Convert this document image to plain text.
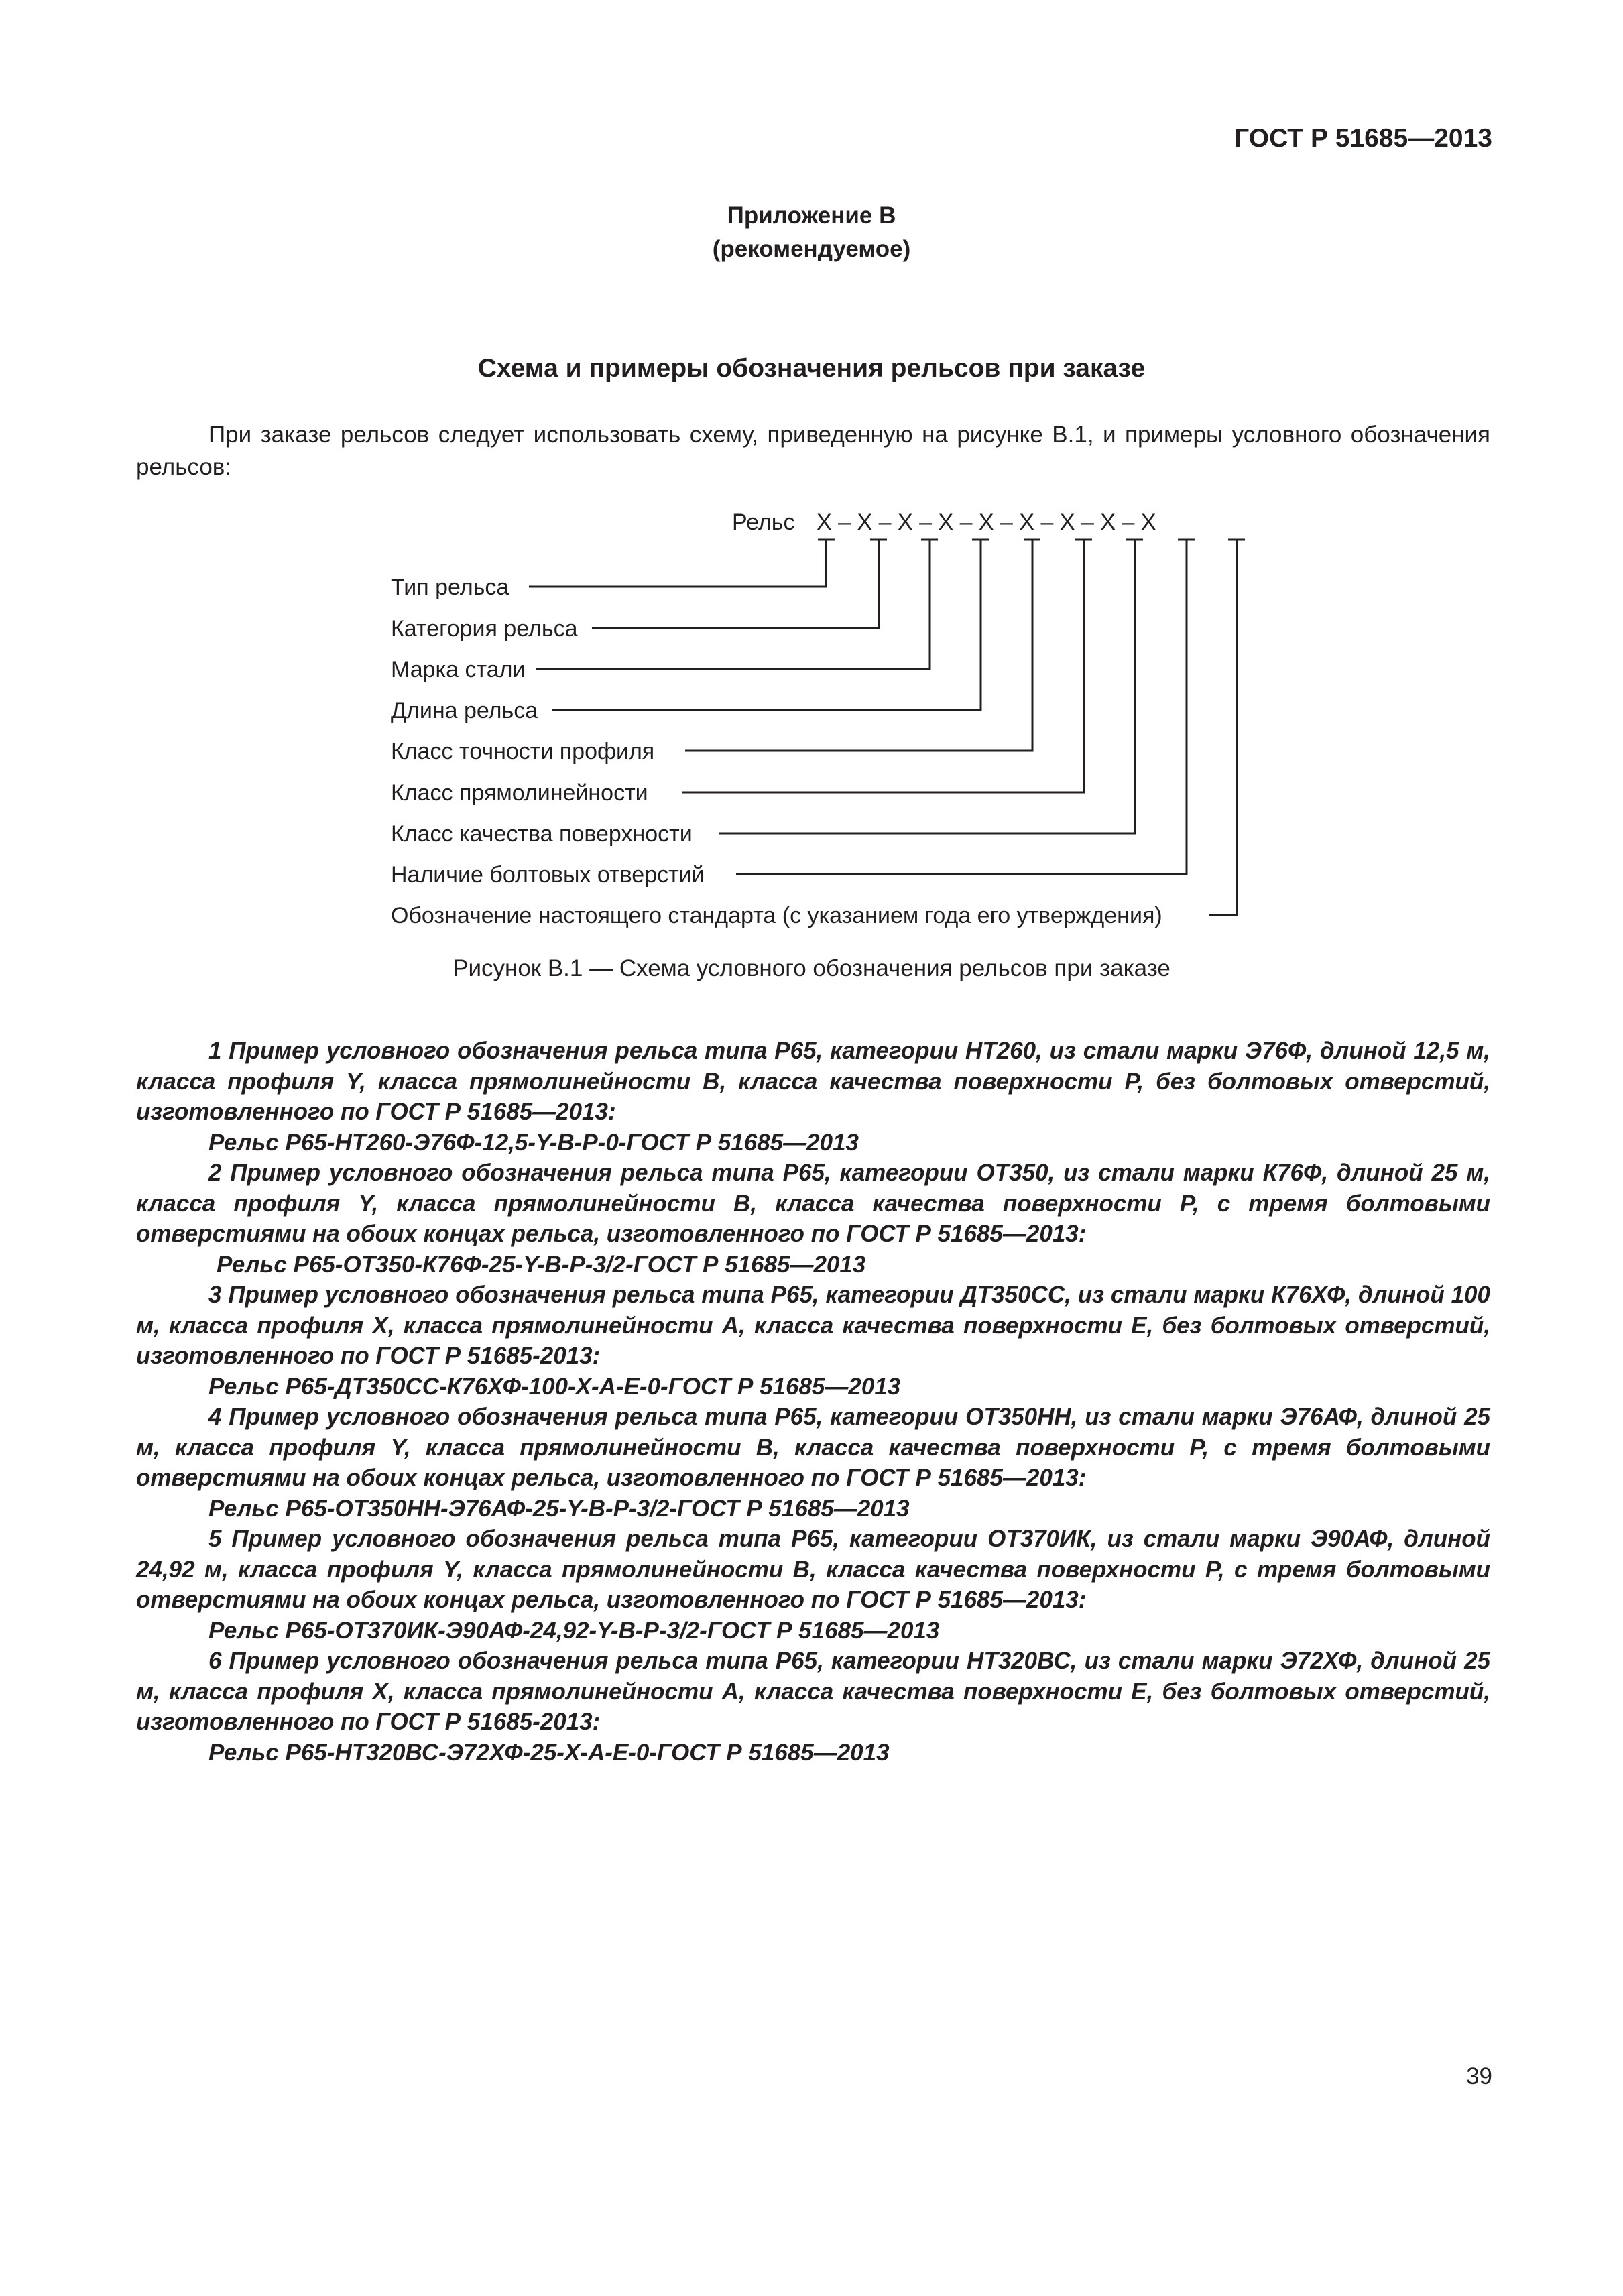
ГОСТ Р 51685—2013
Приложение В
(рекомендуемое)
Схема и примеры обозначения рельсов при заказе
При заказе рельсов следует использовать схему, приведенную на рисунке В.1, и примеры условного обозначения рельсов:
Рельс X – X – X – X – X – X – X – X – X
Тип рельса
Категория рельса
Марка стали
Длина рельса
Класс точности профиля
Класс прямолинейности
Класс качества поверхности
Наличие болтовых отверстий
Обозначение настоящего стандарта (с указанием года его утверждения)
Рисунок В.1 — Схема условного обозначения рельсов при заказе

1 Пример условного обозначения рельса типа Р65, категории НТ260, из стали марки Э76Ф, длиной 12,5 м, класса профиля Y, класса прямолинейности В, класса качества поверхности Р, без болтовых отверстий, изготовленного по ГОСТ Р 51685—2013:

Рельс Р65-НТ260-Э76Ф-12,5-Y-В-Р-0-ГОСТ Р 51685—2013

2 Пример условного обозначения рельса типа Р65, категории ОТ350, из стали марки К76Ф, длиной 25 м, класса профиля Y, класса прямолинейности В, класса качества поверхности Р, с тремя болтовыми отверстиями на обоих концах рельса, изготовленного по ГОСТ Р 51685—2013:

Рельс Р65-ОТ350-К76Ф-25-Y-В-Р-3/2-ГОСТ Р 51685—2013

3 Пример условного обозначения рельса типа Р65, категории ДТ350СС, из стали марки К76ХФ, длиной 100 м, класса профиля X, класса прямолинейности А, класса качества поверхности Е, без болтовых отверстий, изготовленного по ГОСТ Р 51685-2013:

Рельс Р65-ДТ350СС-К76ХФ-100-X-А-Е-0-ГОСТ Р 51685—2013

4 Пример условного обозначения рельса типа Р65, категории ОТ350НН, из стали марки Э76АФ, длиной 25 м, класса профиля Y, класса прямолинейности В, класса качества поверхности Р, с тремя болтовыми отверстиями на обоих концах рельса, изготовленного по ГОСТ Р 51685—2013:

Рельс Р65-ОТ350НН-Э76АФ-25-Y-В-Р-3/2-ГОСТ Р 51685—2013

5 Пример условного обозначения рельса типа Р65, категории ОТ370ИК, из стали марки Э90АФ, длиной 24,92 м, класса профиля Y, класса прямолинейности В, класса качества поверхности Р, с тремя болтовыми отверстиями на обоих концах рельса, изготовленного по ГОСТ Р 51685—2013:

Рельс Р65-ОТ370ИК-Э90АФ-24,92-Y-В-Р-3/2-ГОСТ Р 51685—2013

6 Пример условного обозначения рельса типа Р65, категории НТ320ВС, из стали марки Э72ХФ, длиной 25 м, класса профиля X, класса прямолинейности А, класса качества поверхности Е, без болтовых отверстий, изготовленного по ГОСТ Р 51685-2013:

Рельс Р65-НТ320ВС-Э72ХФ-25-X-А-Е-0-ГОСТ Р 51685—2013

39
